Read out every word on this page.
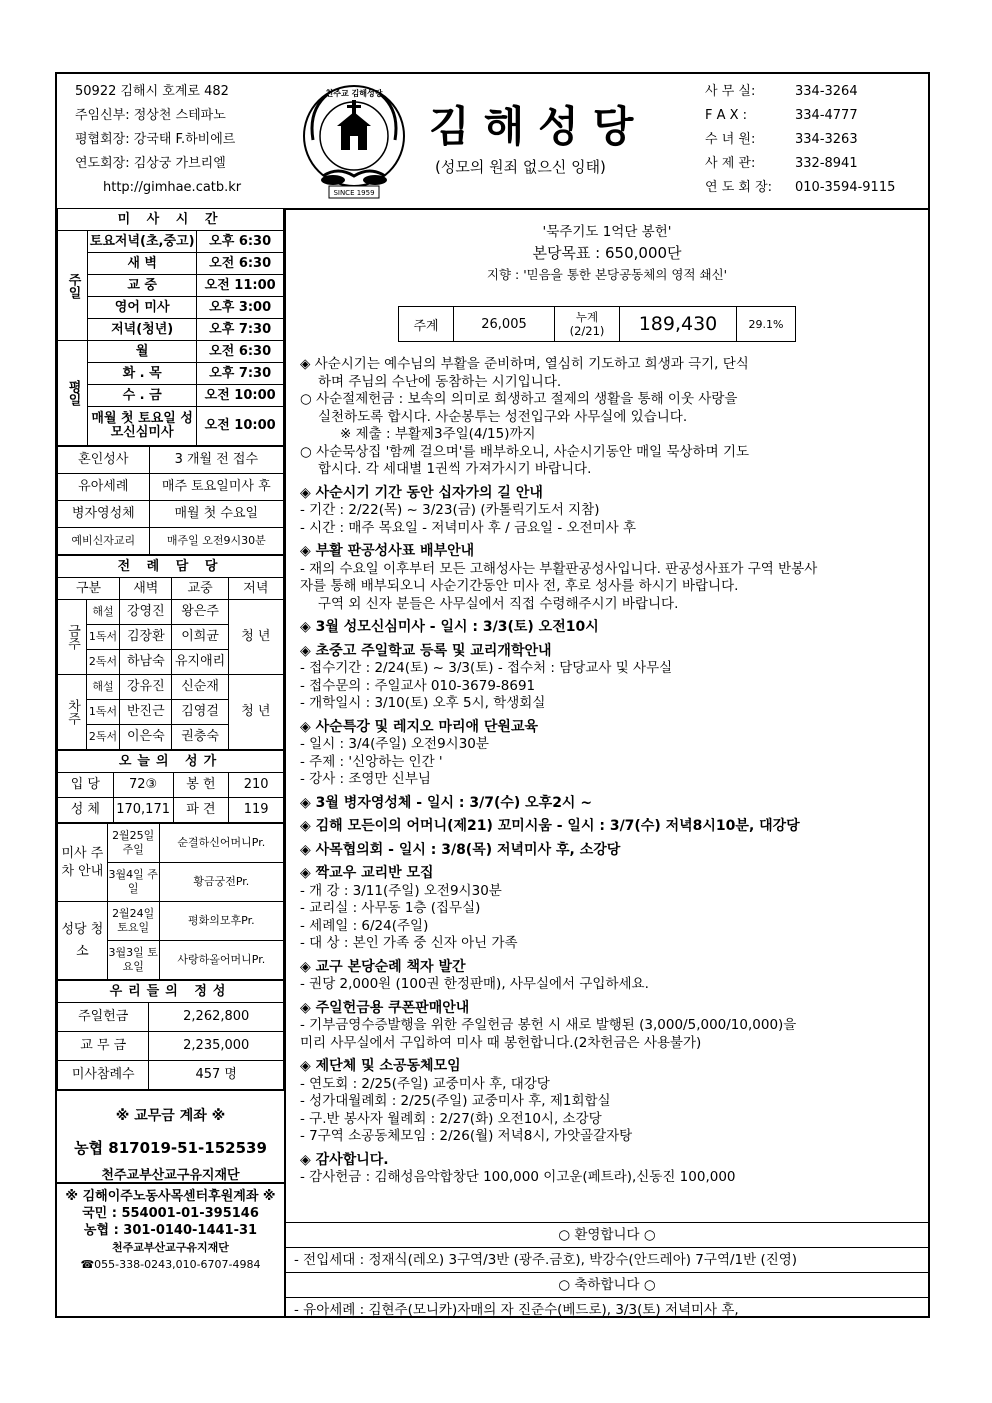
50922 김해시 호계로 482
주임신부: 정상천 스테파노
평협회장: 강국태 F.하비에르
연도회장: 김상궁 가브리엘
http://gimhae.catb.kr	SINCE 1959
천주교 김해성당
김해성당
(성모의 원죄 없으신 잉태)
사 무 실:	334-3264
F A X :	334-4777
수 녀 원:	334-3263
사 제 관:	332-8941
연 도 회 장:	010-3594-9115
미 사 시 간		
주일	토요저녁(초,중고)	오후 6:30
	새 벽	오전 6:30
	교 중	오전 11:00
	영어 미사	오후 3:00
	저녁(청년)	오후 7:30
평일	월	오전 6:30
	화 . 목	오후 7:30
	수 . 금	오전 10:00
	매월 첫 토요일 성모신심미사	오전 10:00
혼인성사	3 개월 전 접수
유아세례	매주 토요일미사 후
병자영성체	매월 첫 수요일
예비신자교리	매주일 오전9시30분
전 례 담 당				
구분		새벽	교중	저녁
금주	해설	강영진	왕은주	청 년
	1독서	김장환	이희균	
	2독서	하남숙	유지애리	
차주	해설	강유진	신순재	청 년
	1독서	반진근	김영걸	
	2독서	이은숙	권충숙	
오늘의 성가			
입 당	72③	봉 헌	210
성 체	170,171	파 견	119
미사 주차 안내	2월25일 주일	순결하신어머니Pr.
	3월4일 주일	황금궁전Pr.
성당 청소	2월24일 토요일	평화의모후Pr.
	3월3일 토요일	사랑하올어머니Pr.
우리들의 정성	
주일헌금	2,262,800
교 무 금	2,235,000
미사참례수	457 명
※ 교무금 계좌 ※
농협 817019-51-152539
천주교부산교구유지재단
※ 김해이주노동사목센터후원계좌 ※
국민 : 554001-01-395146
농협 : 301-0140-1441-31
천주교부산교구유지재단
☎055-338-0243,010-6707-4984
'묵주기도 1억단 봉헌'
본당목표 : 650,000단
지향 : '믿음을 통한 본당공동체의 영적 쇄신'
주계	26,005	누계 (2/21)	189,430	29.1%
◈ 사순시기는 예수님의 부활을 준비하며, 열심히 기도하고 희생과 극기, 단식
하며 주님의 수난에 동참하는 시기입니다.
○ 사순절제헌금 : 보속의 의미로 희생하고 절제의 생활을 통해 이웃 사랑을
실천하도록 합시다. 사순봉투는 성전입구와 사무실에 있습니다.
※ 제출 : 부활제3주일(4/15)까지
○ 사순묵상집 '함께 걸으며'를 배부하오니, 사순시기동안 매일 묵상하며 기도
합시다. 각 세대별 1권씩 가져가시기 바랍니다.
◈ 사순시기 기간 동안 십자가의 길 안내
- 기간 : 2/22(목) ~ 3/23(금) (카톨릭기도서 지참)
- 시간 : 매주 목요일 - 저녁미사 후 / 금요일 - 오전미사 후
◈ 부활 판공성사표 배부안내
- 재의 수요일 이후부터 모든 고해성사는 부활판공성사입니다. 판공성사표가 구역 반봉사
자를 통해 배부되오니 사순기간동안 미사 전, 후로 성사를 하시기 바랍니다.
구역 외 신자 분들은 사무실에서 직접 수령해주시기 바랍니다.
◈ 3월 성모신심미사 - 일시 : 3/3(토) 오전10시
◈ 초중고 주일학교 등록 및 교리개학안내
- 접수기간 : 2/24(토) ~ 3/3(토) - 접수처 : 담당교사 및 사무실
- 접수문의 : 주일교사 010-3679-8691
- 개학일시 : 3/10(토) 오후 5시, 학생회실
◈ 사순특강 및 레지오 마리애 단원교육
- 일시 : 3/4(주일) 오전9시30분
- 주제 : '신앙하는 인간 '
- 강사 : 조영만 신부님
◈ 3월 병자영성체 - 일시 : 3/7(수) 오후2시 ~
◈ 김해 모든이의 어머니(제21) 꼬미시움 - 일시 : 3/7(수) 저녁8시10분, 대강당
◈ 사목협의회 - 일시 : 3/8(목) 저녁미사 후, 소강당
◈ 짝교우 교리반 모집
- 개 강 : 3/11(주일) 오전9시30분
- 교리실 : 사무동 1층 (집무실)
- 세례일 : 6/24(주일)
- 대 상 : 본인 가족 중 신자 아닌 가족
◈ 교구 본당순례 책자 발간
- 권당 2,000원 (100권 한정판매), 사무실에서 구입하세요.
◈ 주일헌금용 쿠폰판매안내
- 기부금영수증발행을 위한 주일헌금 봉헌 시 새로 발행된 (3,000/5,000/10,000)을
미리 사무실에서 구입하여 미사 때 봉헌합니다.(2차헌금은 사용불가)
◈ 제단체 및 소공동체모임
- 연도회 : 2/25(주일) 교중미사 후, 대강당
- 성가대월례회 : 2/25(주일) 교중미사 후, 제1회합실
- 구.반 봉사자 월례회 : 2/27(화) 오전10시, 소강당
- 7구역 소공동체모임 : 2/26(월) 저녁8시, 가앗골갈자탕
◈ 감사합니다.
- 감사헌금 : 김해성음악합창단 100,000 이고운(페트라),신동진 100,000
○ 환영합니다 ○
- 전입세대 : 정재식(레오) 3구역/3반 (광주.금호), 박강수(안드레아) 7구역/1반 (진영)
○ 축하합니다 ○
- 유아세례 : 김현주(모니카)자매의 자 진준수(베드로), 3/3(토) 저녁미사 후,
